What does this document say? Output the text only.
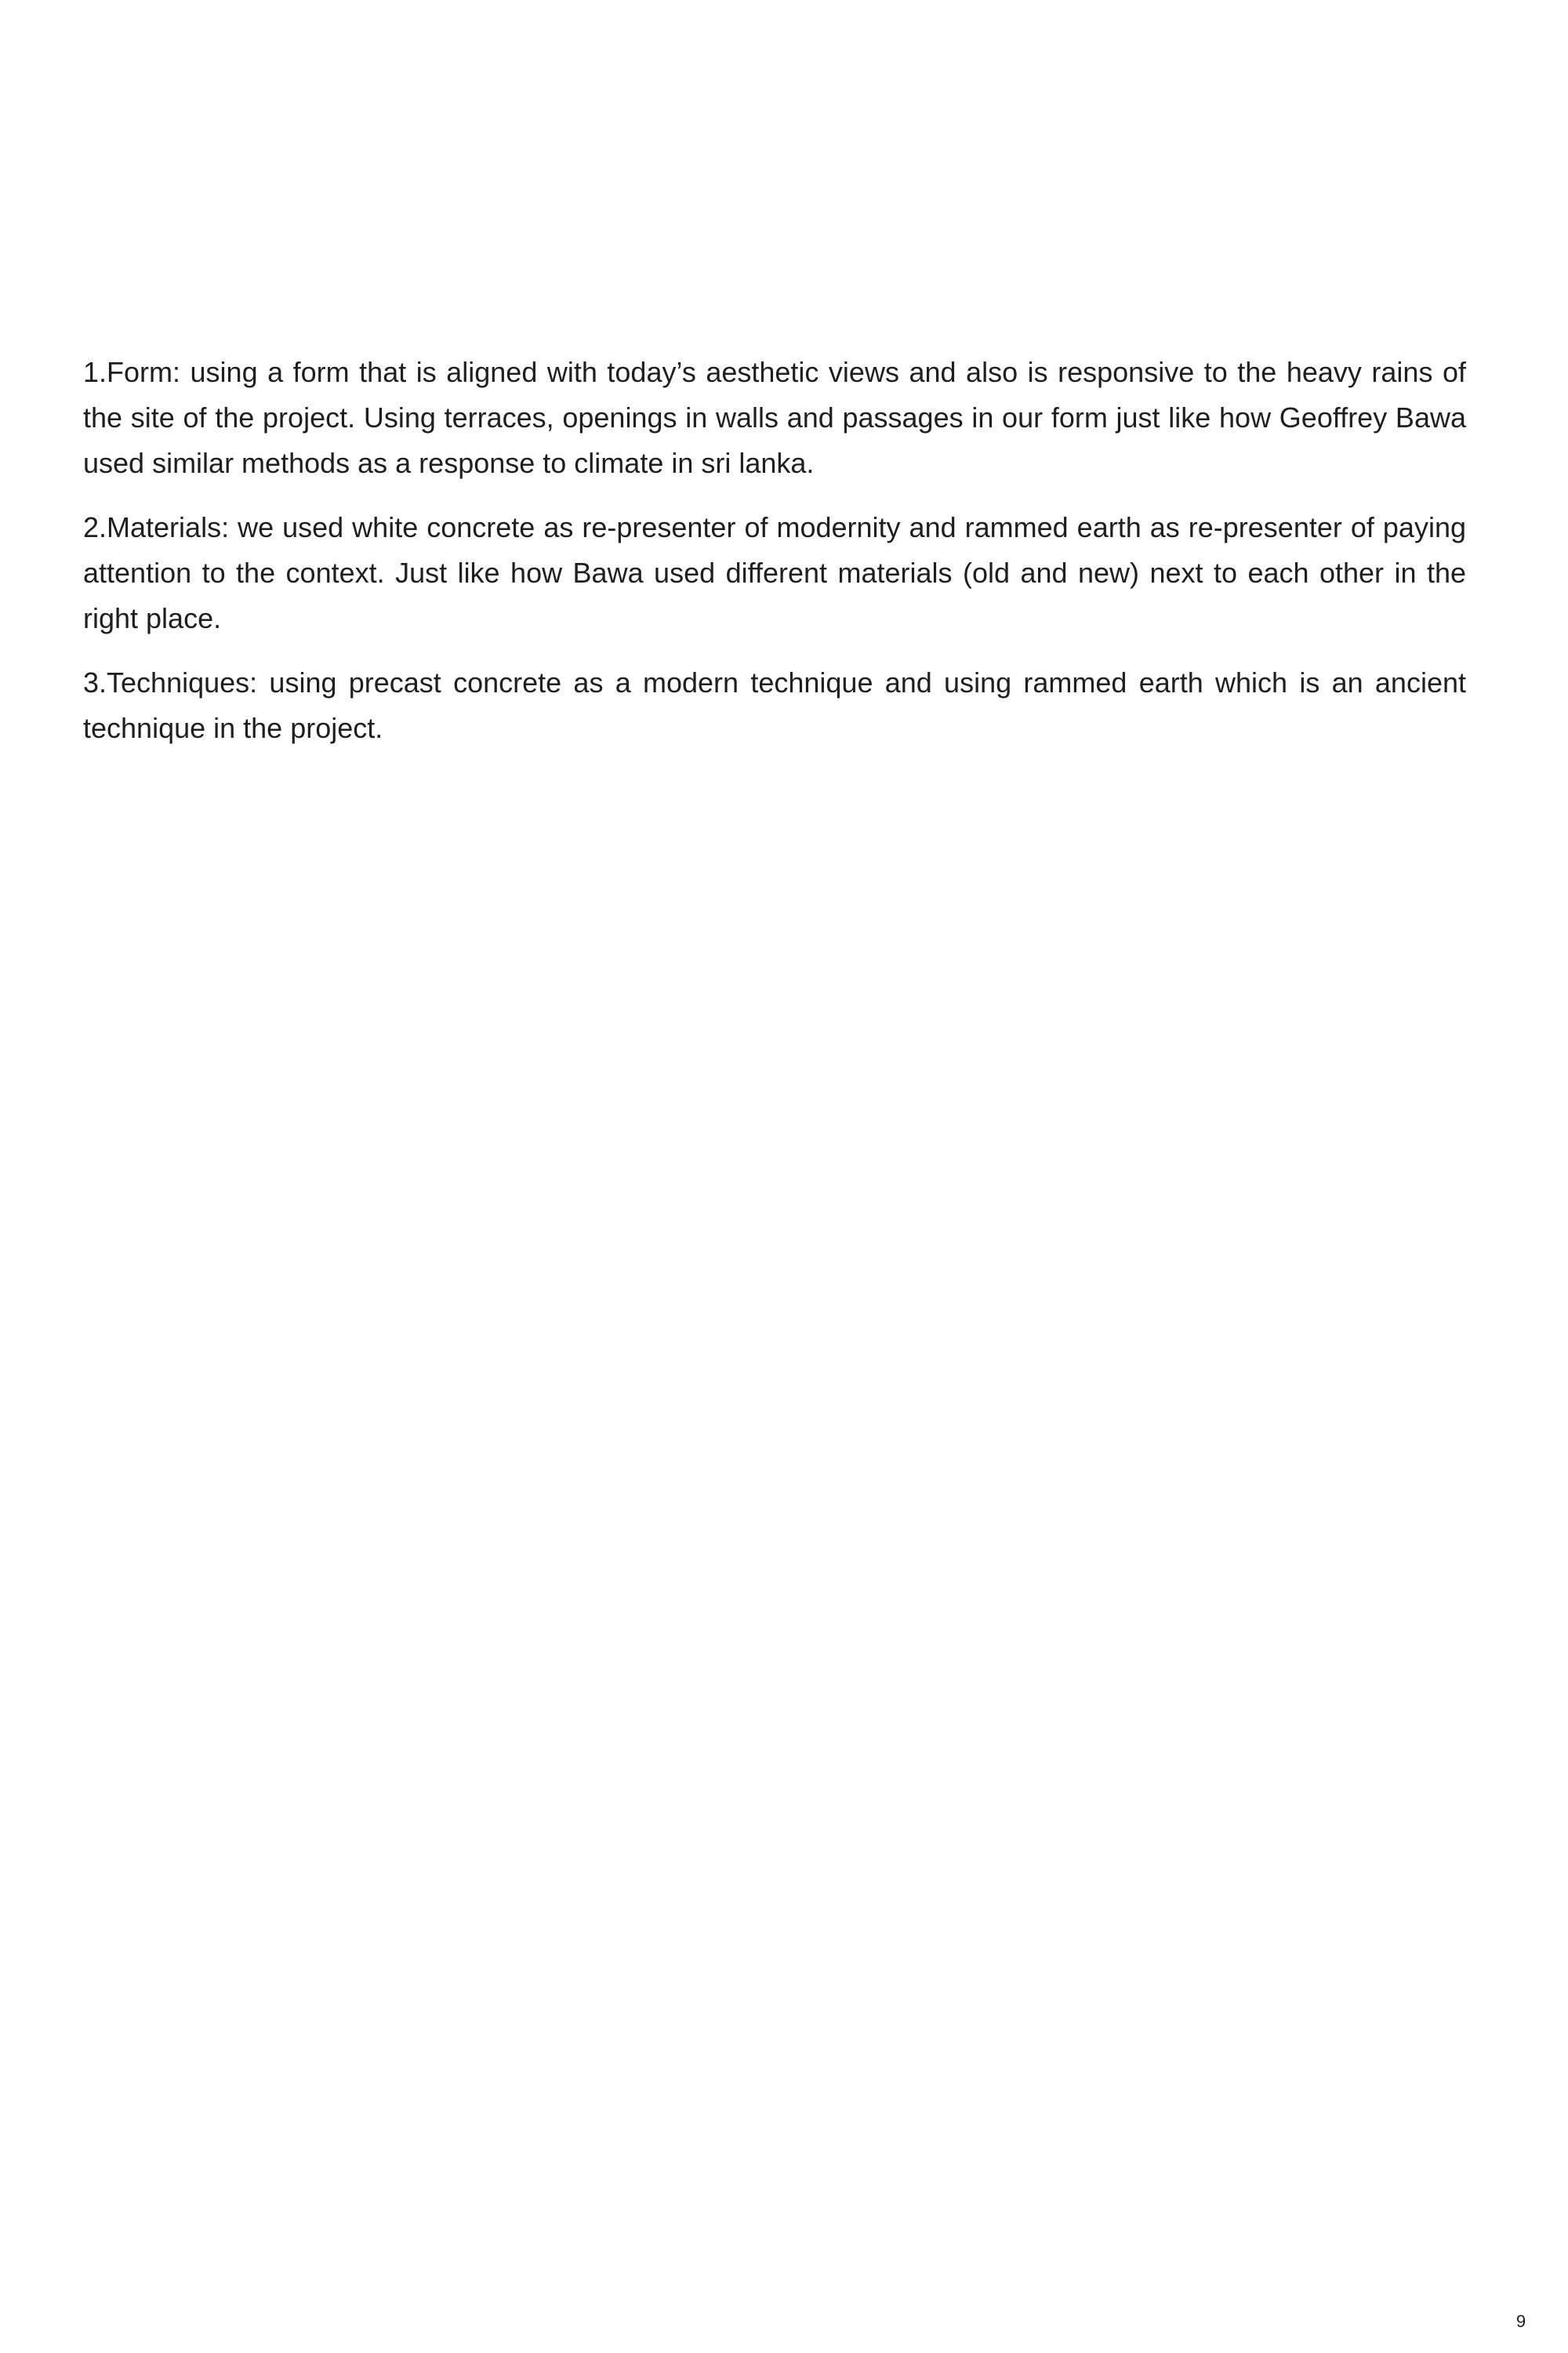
1.Form: using a form that is aligned with today’s aesthetic views and also is responsive to the heavy rains of the site of the project. Using terraces, openings in walls and passages in our form just like how Geoffrey Bawa used similar methods as a response to climate in sri lanka.

2.Materials: we used white concrete as re-presenter of modernity and rammed earth as re-presenter of paying attention to the context. Just like how Bawa used different materials (old and new) next to each other in the right place.

3.Techniques: using precast concrete as a modern technique and using rammed earth which is an ancient technique in the project.

9
